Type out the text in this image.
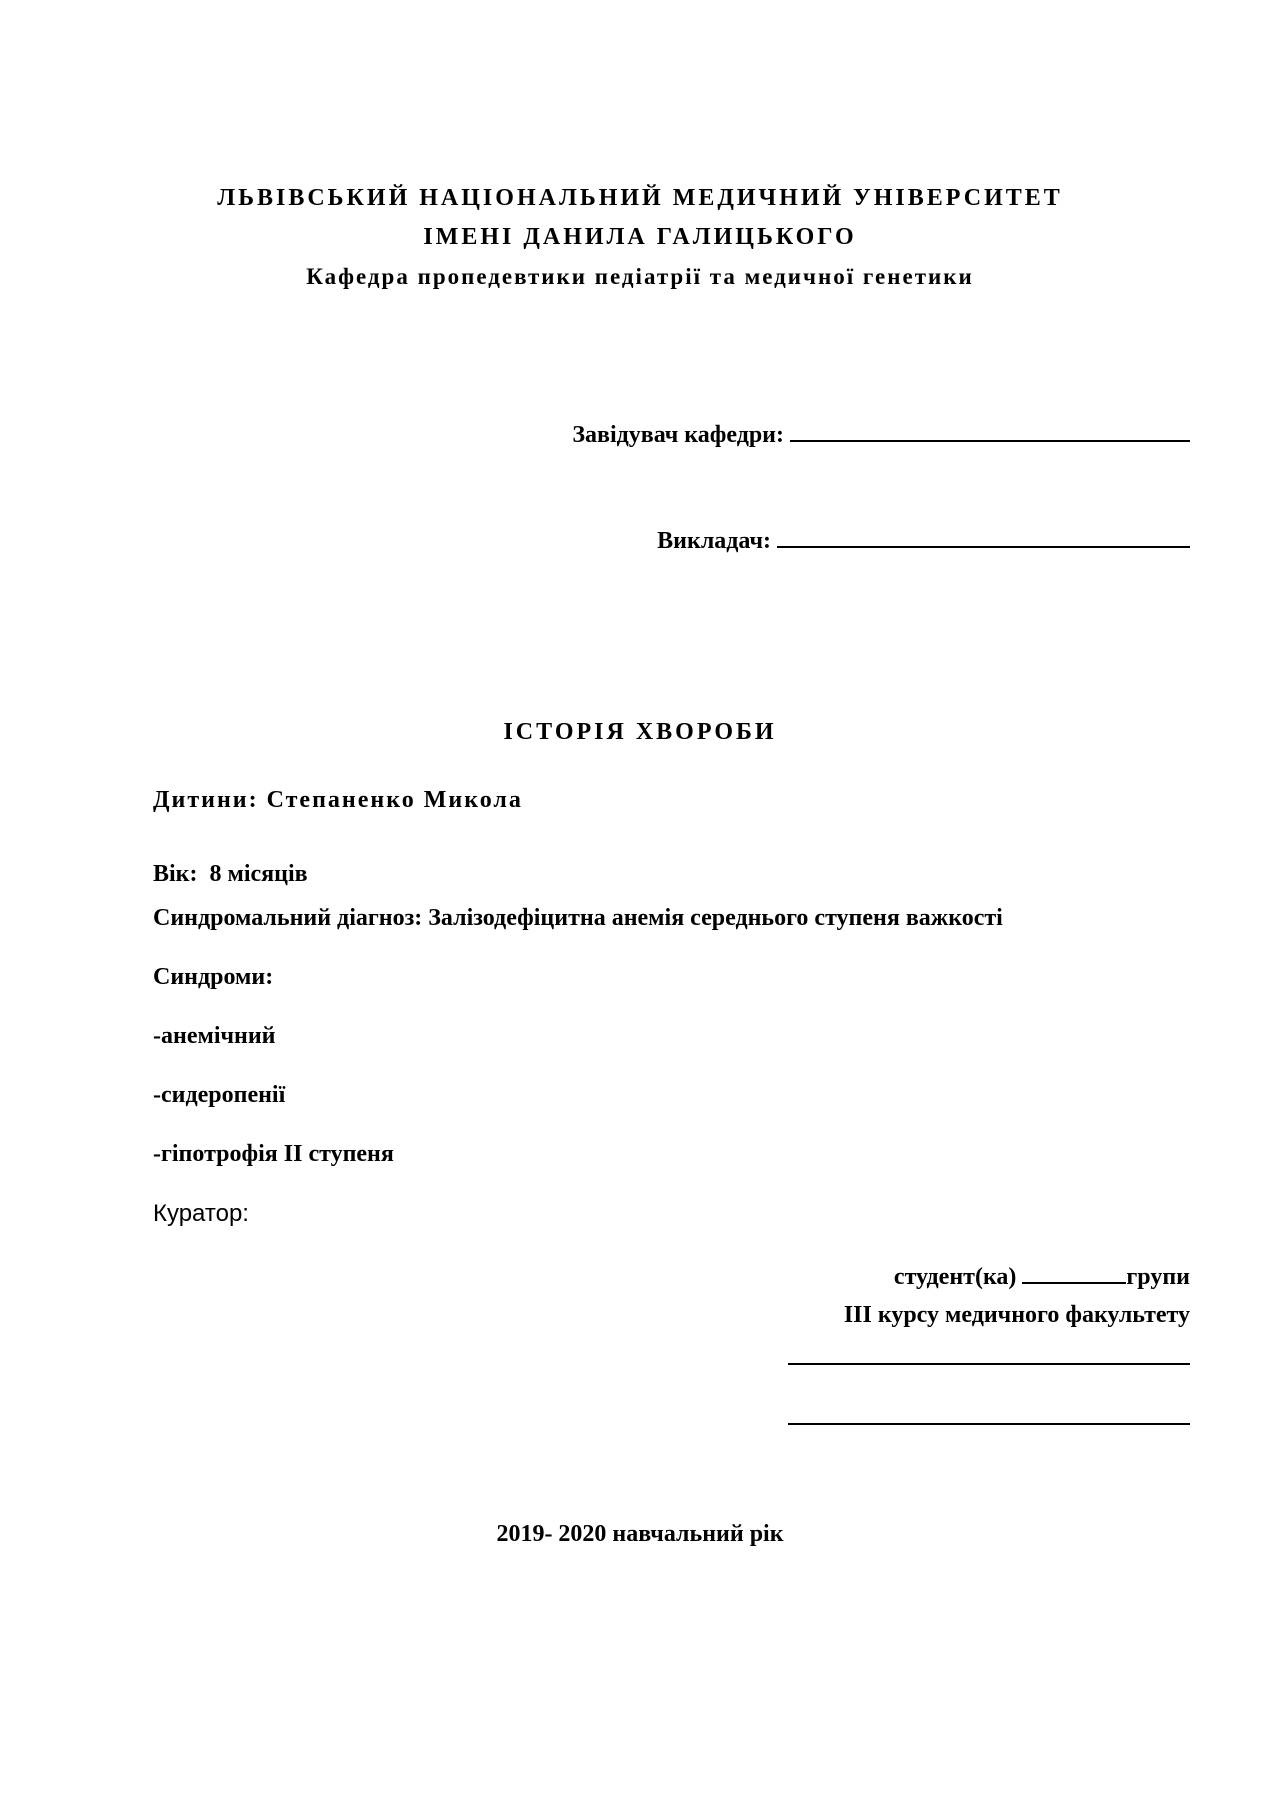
ЛЬВІВСЬКИЙ НАЦІОНАЛЬНИЙ МЕДИЧНИЙ УНІВЕРСИТЕТ
ІМЕНІ ДАНИЛА ГАЛИЦЬКОГО
Кафедра пропедевтики педіатрії та медичної генетики
Завідувач кафедри:
Викладач:
ІСТОРІЯ ХВОРОБИ
Дитини: Степаненко Микола
Вік: 8 місяців
Синдромальний діагноз: Залізодефіцитна анемія середнього ступеня важкості
Синдроми:
-анемічний
-сидеропенії
-гіпотрофія II ступеня
Куратор:
студент(ка)	групи
III курсу медичного факультету
2019- 2020 навчальний рік
